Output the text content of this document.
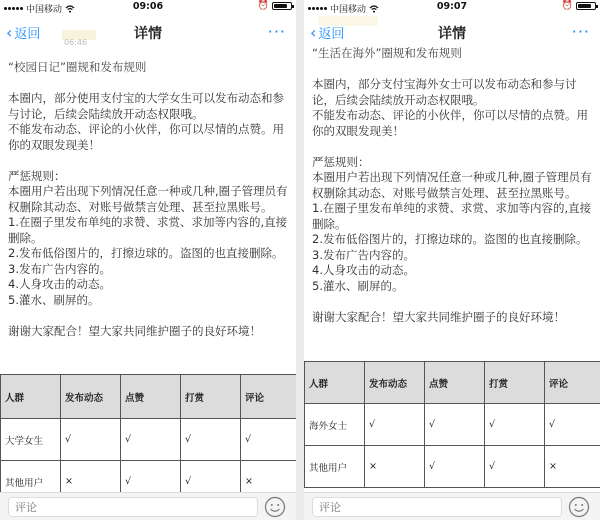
中国移动	09:06	⏰
‹ 返回	详情	···
06:46

“校园日记”圈规和发布规则

本圈内，部分使用支付宝的大学女生可以发布动态和参与讨论，后续会陆续放开动态权限哦。
不能发布动态、评论的小伙伴，你可以尽情的点赞。用你的双眼发现美！

严惩规则：

本圈用户若出现下列情况任意一种或几种,圈子管理员有权删除其动态、对账号做禁言处理、甚至拉黑账号。
1.在圈子里发布单纯的求赞、求赏、求加等内容的,直接删除。
2.发布低俗图片的，打擦边球的。盗图的也直接删除。
3.发布广告内容的。
4.人身攻击的动态。
5.灌水、刷屏的。

谢谢大家配合！望大家共同维护圈子的良好环境！

人群	发布动态	点赞	打赏	评论
大学女生	√	√	√	√
其他用户	×	√	√	×
评论
中国移动	09:07	⏰
‹ 返回	详情	···

“生活在海外”圈规和发布规则

本圈内，部分支付宝海外女士可以发布动态和参与讨论，后续会陆续放开动态权限哦。
不能发布动态、评论的小伙伴，你可以尽情的点赞。用你的双眼发现美！

严惩规则：

本圈用户若出现下列情况任意一种或几种,圈子管理员有权删除其动态、对账号做禁言处理、甚至拉黑账号。
1.在圈子里发布单纯的求赞、求赏、求加等内容的,直接删除。
2.发布低俗图片的，打擦边球的。盗图的也直接删除。
3.发布广告内容的。
4.人身攻击的动态。
5.灌水、刷屏的。

谢谢大家配合！望大家共同维护圈子的良好环境！

人群	发布动态	点赞	打赏	评论
海外女士	√	√	√	√
其他用户	×	√	√	×
评论
